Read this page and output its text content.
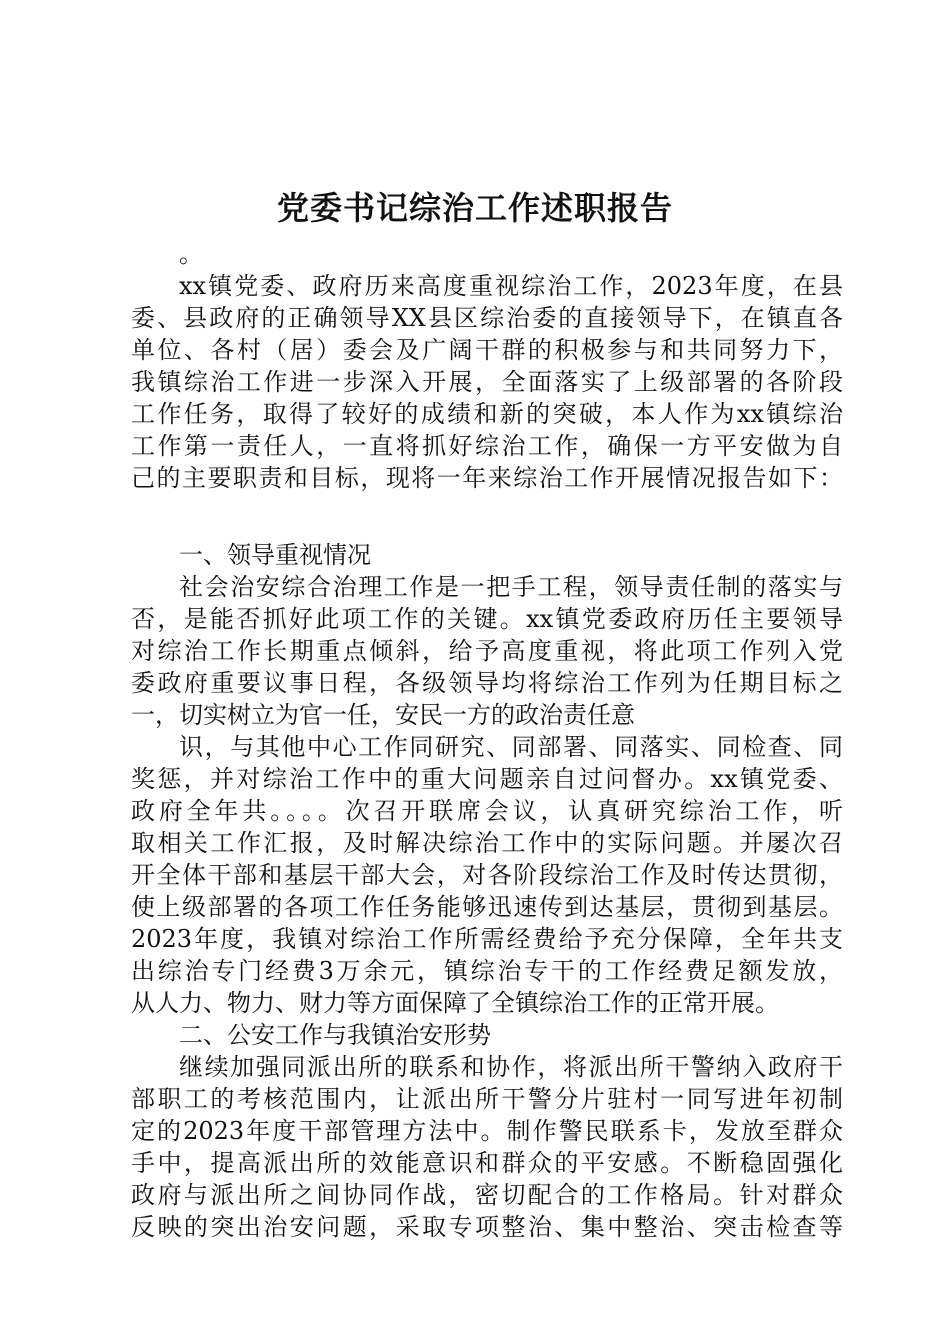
党委书记综治工作述职报告
。
xx镇党委、政府历来高度重视综治工作，2023年度，在县
委、县政府的正确领导XX县区综治委的直接领导下，在镇直各
单位、各村（居）委会及广阔干群的积极参与和共同努力下，
我镇综治工作进一步深入开展，全面落实了上级部署的各阶段
工作任务，取得了较好的成绩和新的突破，本人作为xx镇综治
工作第一责任人，一直将抓好综治工作，确保一方平安做为自
己的主要职责和目标，现将一年来综治工作开展情况报告如下：
一、领导重视情况
社会治安综合治理工作是一把手工程，领导责任制的落实与
否，是能否抓好此项工作的关键。xx镇党委政府历任主要领导
对综治工作长期重点倾斜，给予高度重视，将此项工作列入党
委政府重要议事日程，各级领导均将综治工作列为任期目标之
一，切实树立为官一任，安民一方的政治责任意
识，与其他中心工作同研究、同部署、同落实、同检查、同
奖惩，并对综治工作中的重大问题亲自过问督办。xx镇党委、
政府全年共。。。。次召开联席会议，认真研究综治工作，听
取相关工作汇报，及时解决综治工作中的实际问题。并屡次召
开全体干部和基层干部大会，对各阶段综治工作及时传达贯彻，
使上级部署的各项工作任务能够迅速传到达基层，贯彻到基层。
2023年度，我镇对综治工作所需经费给予充分保障，全年共支
出综治专门经费3万余元，镇综治专干的工作经费足额发放，
从人力、物力、财力等方面保障了全镇综治工作的正常开展。
二、公安工作与我镇治安形势
继续加强同派出所的联系和协作，将派出所干警纳入政府干
部职工的考核范围内，让派出所干警分片驻村一同写进年初制
定的2023年度干部管理方法中。制作警民联系卡，发放至群众
手中，提高派出所的效能意识和群众的平安感。不断稳固强化
政府与派出所之间协同作战，密切配合的工作格局。针对群众
反映的突出治安问题，采取专项整治、集中整治、突击检查等
